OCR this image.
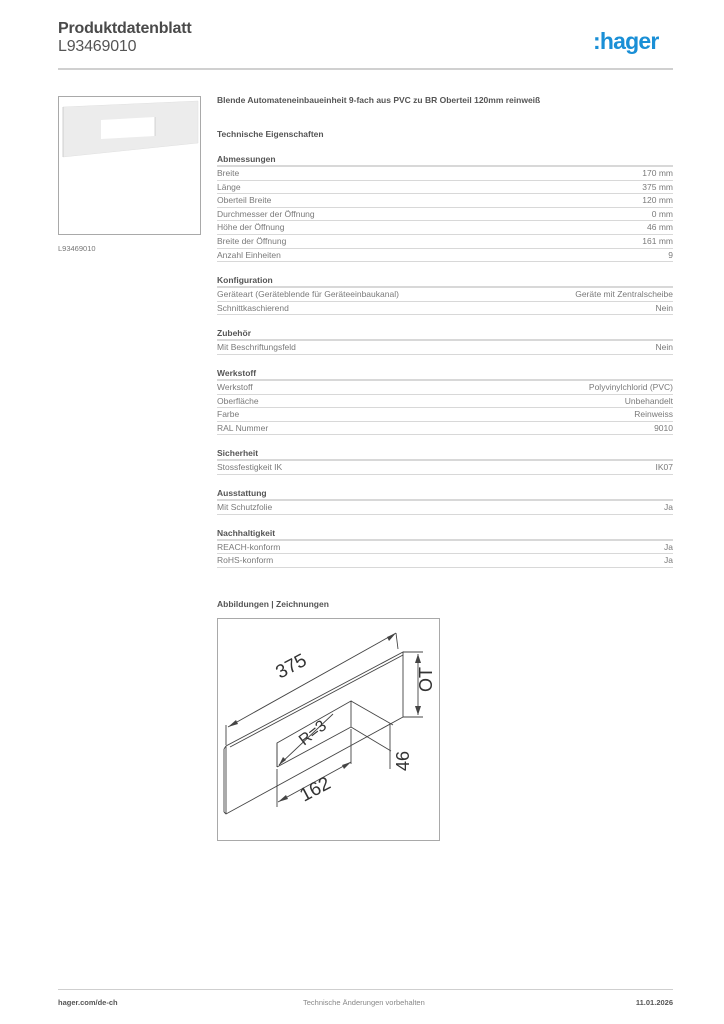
Produktdatenblatt
L93469010	:hager
L93469010
Blende Automateneinbaueinheit 9-fach aus PVC zu BR Oberteil 120mm reinweiß
Technische Eigenschaften
Abmessungen
Breite	170 mm
Länge	375 mm
Oberteil Breite	120 mm
Durchmesser der Öffnung	0 mm
Höhe der Öffnung	46 mm
Breite der Öffnung	161 mm
Anzahl Einheiten	9
Konfiguration
Geräteart (Geräteblende für Geräteeinbaukanal)	Geräte mit Zentralscheibe
Schnittkaschierend	Nein
Zubehör
Mit Beschriftungsfeld	Nein
Werkstoff
Werkstoff	Polyvinylchlorid (PVC)
Oberfläche	Unbehandelt
Farbe	Reinweiss
RAL Nummer	9010
Sicherheit
Stossfestigkeit IK	IK07
Ausstattung
Mit Schutzfolie	Ja
Nachhaltigkeit
REACH-konform	Ja
RoHS-konform	Ja
Abbildungen | Zeichnungen
375	OT
R=3
46
162
hager.com/de-ch	Technische Änderungen vorbehalten	11.01.2026
